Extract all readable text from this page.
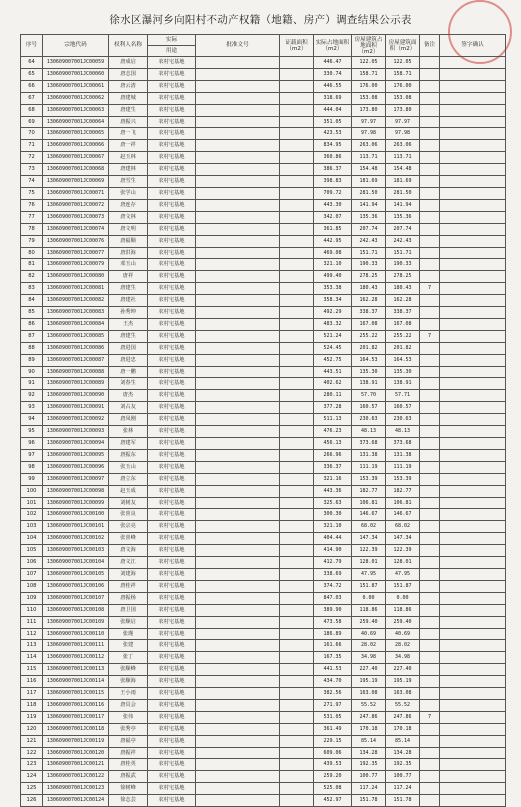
徐水区瀑河乡向阳村不动产权籍（地籍、房产）调查结果公示表
序号	宗地代码	权利人名称	实际	批准文号	证载面积（m2）	实际占地面积（m2）	房屋建筑占地面积（m2）	房屋建筑面积（m2）	备注	签字确认
			用途							
64	130609007001JC00059	唐成启	农村宅基地			446.47	122.05	122.05		
65	130609007001JC00060	唐志国	农村宅基地			330.74	158.71	158.71		
66	130609007001JC00061	唐云清	农村宅基地			446.55	176.00	176.00		
67	130609007001JC00062	唐建城	农村宅基地			318.69	153.08	153.08		
68	130609007001JC00063	唐建生	农村宅基地			444.04	173.80	173.80		
69	130609007001JC00064	唐振兴	农村宅基地			351.05	97.97	97.97		
70	130609007001JC00065	唐一飞	农村宅基地			423.53	97.98	97.98		
71	130609007001JC00066	唐一祥	农村宅基地			834.95	263.06	263.06		
72	130609007001JC00067	赵玉林	农村宅基地			360.86	113.71	113.71		
73	130609007001JC00068	唐建林	农村宅基地			386.37	154.48	154.48		
74	130609007001JC00069	唐雪生	农村宅基地			398.83	181.69	181.69		
75	130609007001JC00071	张学山	农村宅基地			709.72	281.50	281.50		
76	130609007001JC00072	唐连存	农村宅基地			443.30	141.94	141.94		
77	130609007001JC00073	唐文林	农村宅基地			342.07	135.36	135.36		
78	130609007001JC00074	唐文明	农村宅基地			361.85	207.74	207.74		
79	130609007001JC00076	唐福顺	农村宅基地			442.95	242.43	242.43		
80	130609007001JC00077	唐洪海	农村宅基地			469.08	151.71	151.71		
81	130609007001JC00079	邓玉山	农村宅基地			321.10	190.33	190.33		
82	130609007001JC00080	唐祥	农村宅基地			499.40	278.25	278.25		
83	130609007001JC00081	唐建生	农村宅基地			353.38	180.43	180.43	7	
84	130609007001JC00082	唐建社	农村宅基地			358.34	162.28	162.28		
85	130609007001JC00083	孙秀坤	农村宅基地			492.29	338.37	338.37		
86	130609007001JC00084	王杰	农村宅基地			483.32	167.08	167.08		
87	130609007001JC00085	唐建生	农村宅基地			521.24	255.22	255.22	7	
88	130609007001JC00086	唐进国	农村宅基地			524.45	201.82	201.82		
89	130609007001JC00087	唐进忠	农村宅基地			452.75	164.53	164.53		
90	130609007001JC00088	唐一鹏	农村宅基地			443.51	135.30	135.30		
91	130609007001JC00089	刘春生	农村宅基地			402.62	138.91	138.91		
92	130609007001JC00090	唐杰	农村宅基地			280.11	57.70	57.71		
93	130609007001JC00091	刘占友	农村宅基地			377.28	160.57	160.57		
94	130609007001JC00092	唐凤刚	农村宅基地			511.13	230.63	230.63		
95	130609007001JC00093	张林	农村宅基地			476.23	48.13	48.13		
96	130609007001JC00094	唐建军	农村宅基地			456.13	373.68	373.68		
97	130609007001JC00095	唐振东	农村宅基地			266.96	131.38	131.38		
98	130609007001JC00096	张玉山	农村宅基地			336.37	111.19	111.19		
99	130609007001JC00097	唐立东	农村宅基地			321.16	153.39	153.39		
100	130609007001JC00098	赵玉成	农村宅基地			443.36	182.77	182.77		
101	130609007001JC00099	刘树友	农村宅基地			325.63	106.81	106.81		
102	130609007001JC00100	张喜良	农村宅基地			300.30	146.67	146.67		
103	130609007001JC00101	张宗亮	农村宅基地			321.10	68.02	68.02		
104	130609007001JC00102	张喜峰	农村宅基地			404.44	147.34	147.34		
105	130609007001JC00103	唐文海	农村宅基地			414.90	122.39	122.39		
106	130609007001JC00104	唐文江	农村宅基地			412.79	128.01	128.01		
107	130609007001JC00105	刘建海	农村宅基地			338.69	47.95	47.95		
108	130609007001JC00106	唐桂祥	农村宅基地			374.72	151.87	151.87		
109	130609007001JC00107	唐振杨	农村宅基地			847.03	0.00	0.00		
110	130609007001JC00108	唐卫国	农村宅基地			389.90	118.86	118.86		
111	130609007001JC00109	张顺启	农村宅基地			473.58	259.40	259.40		
112	130609007001JC00110	张瑾	农村宅基地			186.89	40.69	40.69		
113	130609007001JC00111	张建	农村宅基地			161.66	28.02	28.02		
114	130609007001JC00112	张丁	农村宅基地			167.35	34.98	34.98		
115	130609007001JC00113	张顺峰	农村宅基地			441.53	227.40	227.40		
116	130609007001JC00114	张顺海	农村宅基地			434.70	195.19	195.19		
117	130609007001JC00115	王小雨	农村宅基地			382.56	163.08	163.08		
118	130609007001JC00116	唐员会	农村宅基地			271.97	55.52	55.52		
119	130609007001JC00117	张伟	农村宅基地			531.05	247.86	247.86	7	
120	130609007001JC00118	张秀亭	农村宅基地			361.49	170.18	170.18		
121	130609007001JC00119	唐福亭	农村宅基地			229.15	85.14	85.14		
122	130609007001JC00120	唐振祥	农村宅基地			609.06	134.28	134.28		
123	130609007001JC00121	唐桂英	农村宅基地			439.53	192.35	192.35		
124	130609007001JC00122	唐振武	农村宅基地			259.20	100.77	100.77		
125	130609007001JC00123	徐树峰	农村宅基地			525.08	117.24	117.24		
126	130609007001JC00124	徐志芸	农村宅基地			452.97	151.78	151.78		
